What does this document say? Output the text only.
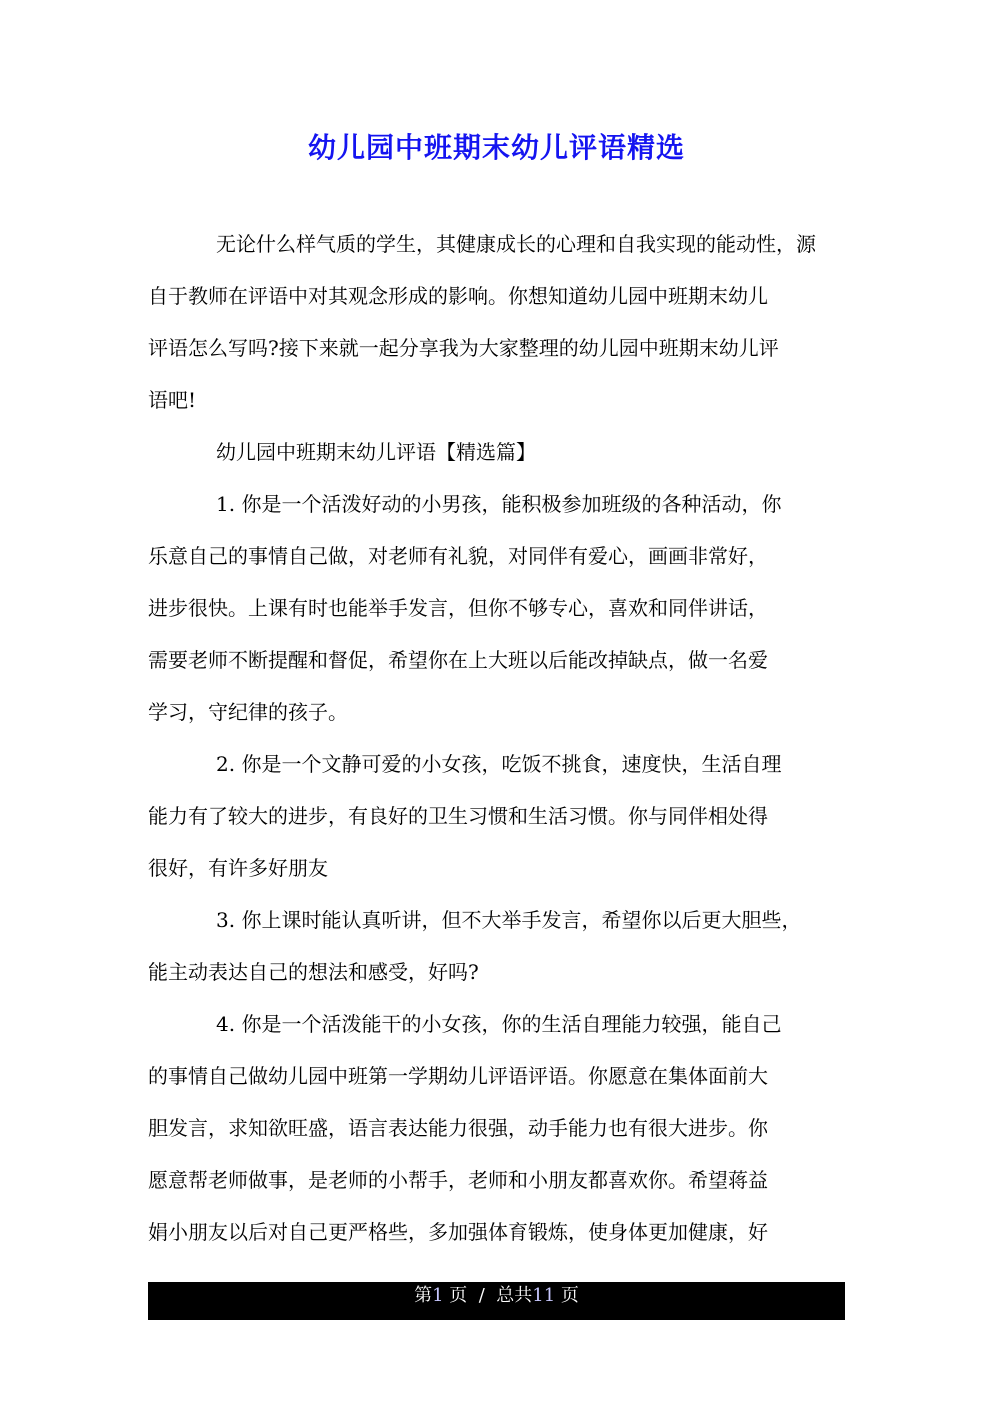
幼儿园中班期末幼儿评语精选
无论什么样气质的学生，其健康成长的心理和自我实现的能动性，源
自于教师在评语中对其观念形成的影响。你想知道幼儿园中班期末幼儿
评语怎么写吗?接下来就一起分享我为大家整理的幼儿园中班期末幼儿评
语吧!
幼儿园中班期末幼儿评语【精选篇】
1. 你是一个活泼好动的小男孩，能积极参加班级的各种活动，你
乐意自己的事情自己做，对老师有礼貌，对同伴有爱心，画画非常好，
进步很快。上课有时也能举手发言，但你不够专心，喜欢和同伴讲话，
需要老师不断提醒和督促，希望你在上大班以后能改掉缺点，做一名爱
学习，守纪律的孩子。
2. 你是一个文静可爱的小女孩，吃饭不挑食，速度快，生活自理
能力有了较大的进步，有良好的卫生习惯和生活习惯。你与同伴相处得
很好，有许多好朋友
3. 你上课时能认真听讲，但不大举手发言，希望你以后更大胆些，
能主动表达自己的想法和感受，好吗?
4. 你是一个活泼能干的小女孩，你的生活自理能力较强，能自己
的事情自己做幼儿园中班第一学期幼儿评语评语。你愿意在集体面前大
胆发言，求知欲旺盛，语言表达能力很强，动手能力也有很大进步。你
愿意帮老师做事，是老师的小帮手，老师和小朋友都喜欢你。希望蒋益
娟小朋友以后对自己更严格些，多加强体育锻炼，使身体更加健康，好
第1 页 / 总共11 页
